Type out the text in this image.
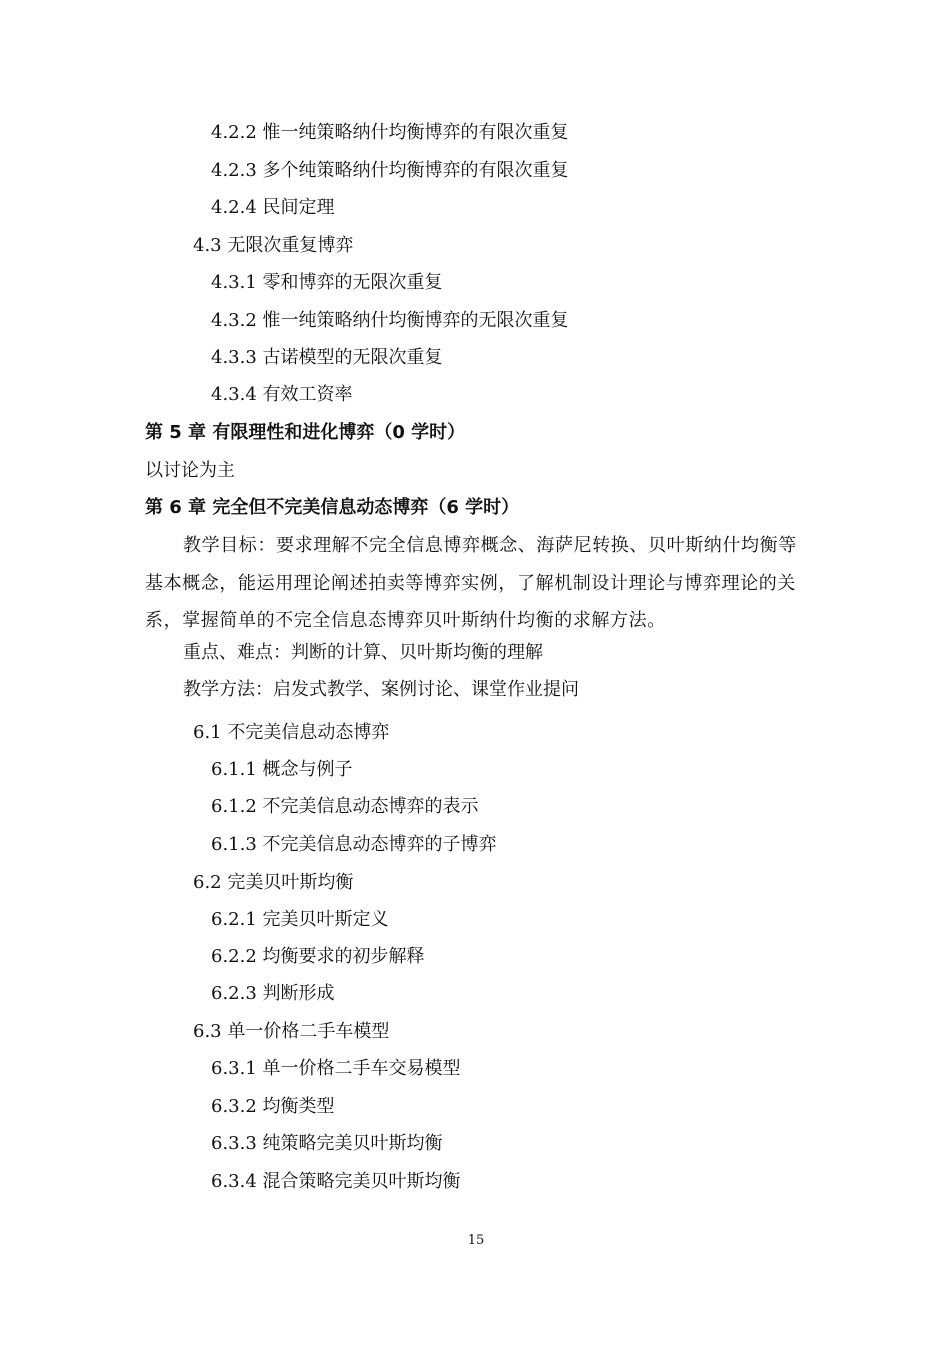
4.2.2 惟一纯策略纳什均衡博弈的有限次重复
4.2.3 多个纯策略纳什均衡博弈的有限次重复
4.2.4 民间定理
4.3 无限次重复博弈
4.3.1 零和博弈的无限次重复
4.3.2 惟一纯策略纳什均衡博弈的无限次重复
4.3.3 古诺模型的无限次重复
4.3.4 有效工资率
第 5 章 有限理性和进化博弈（0 学时）
以讨论为主
第 6 章 完全但不完美信息动态博弈（6 学时）
教学目标：要求理解不完全信息博弈概念、海萨尼转换、贝叶斯纳什均衡等
基本概念，能运用理论阐述拍卖等博弈实例，了解机制设计理论与博弈理论的关
系，掌握简单的不完全信息态博弈贝叶斯纳什均衡的求解方法。
重点、难点：判断的计算、贝叶斯均衡的理解
教学方法：启发式教学、案例讨论、课堂作业提问
6.1 不完美信息动态博弈
6.1.1 概念与例子
6.1.2 不完美信息动态博弈的表示
6.1.3 不完美信息动态博弈的子博弈
6.2 完美贝叶斯均衡
6.2.1 完美贝叶斯定义
6.2.2 均衡要求的初步解释
6.2.3 判断形成
6.3 单一价格二手车模型
6.3.1 单一价格二手车交易模型
6.3.2 均衡类型
6.3.3 纯策略完美贝叶斯均衡
6.3.4 混合策略完美贝叶斯均衡
15
